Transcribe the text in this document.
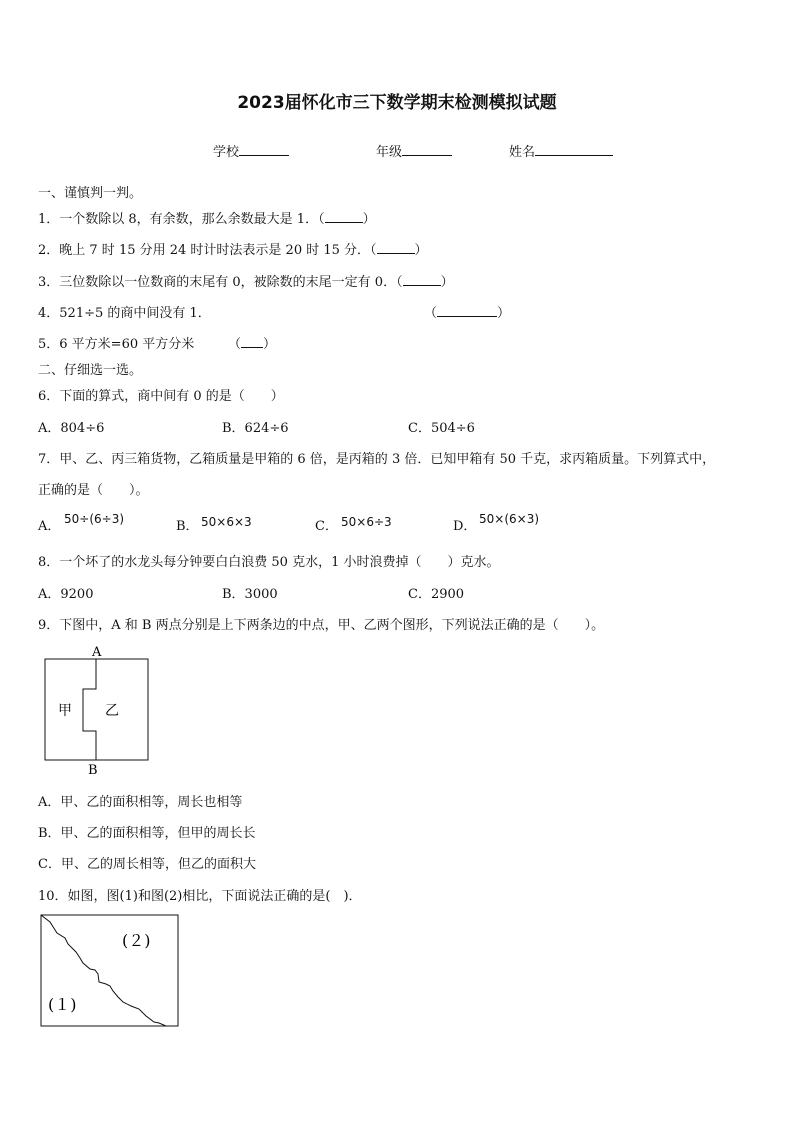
2023届怀化市三下数学期末检测模拟试题
学校	年级	姓名
一、谨慎判一判。
1．一个数除以 8，有余数，那么余数最大是 1．（	）
2．晚上 7 时 15 分用 24 时计时法表示是 20 时 15 分．（	）
3．三位数除以一位数商的末尾有 0，被除数的末尾一定有 0．（	）
4．521÷5 的商中间没有 1．	（	）
5．6 平方米=60 平方分米	（ ）
二、仔细选一选。
6．下面的算式，商中间有 0 的是（　　）
A．804÷6	B．624÷6	C．504÷6
7．甲、乙、丙三箱货物，乙箱质量是甲箱的 6 倍，是丙箱的 3 倍．已知甲箱有 50 千克，求丙箱质量。下列算式中，
正确的是（　　）。
A． 50÷(6÷3)	B． 50×6×3	C． 50×6÷3	D． 50×(6×3)
8．一个坏了的水龙头每分钟要白白浪费 50 克水，1 小时浪费掉（　　）克水。
A．9200	B．3000	C．2900
9．下图中，A 和 B 两点分别是上下两条边的中点，甲、乙两个图形，下列说法正确的是（　　）。
A
B
甲 乙
A．甲、乙的面积相等，周长也相等
B．甲、乙的面积相等，但甲的周长长
C．甲、乙的周长相等，但乙的面积大
10．如图，图(1)和图(2)相比，下面说法正确的是(　)．
(２)
(１)
